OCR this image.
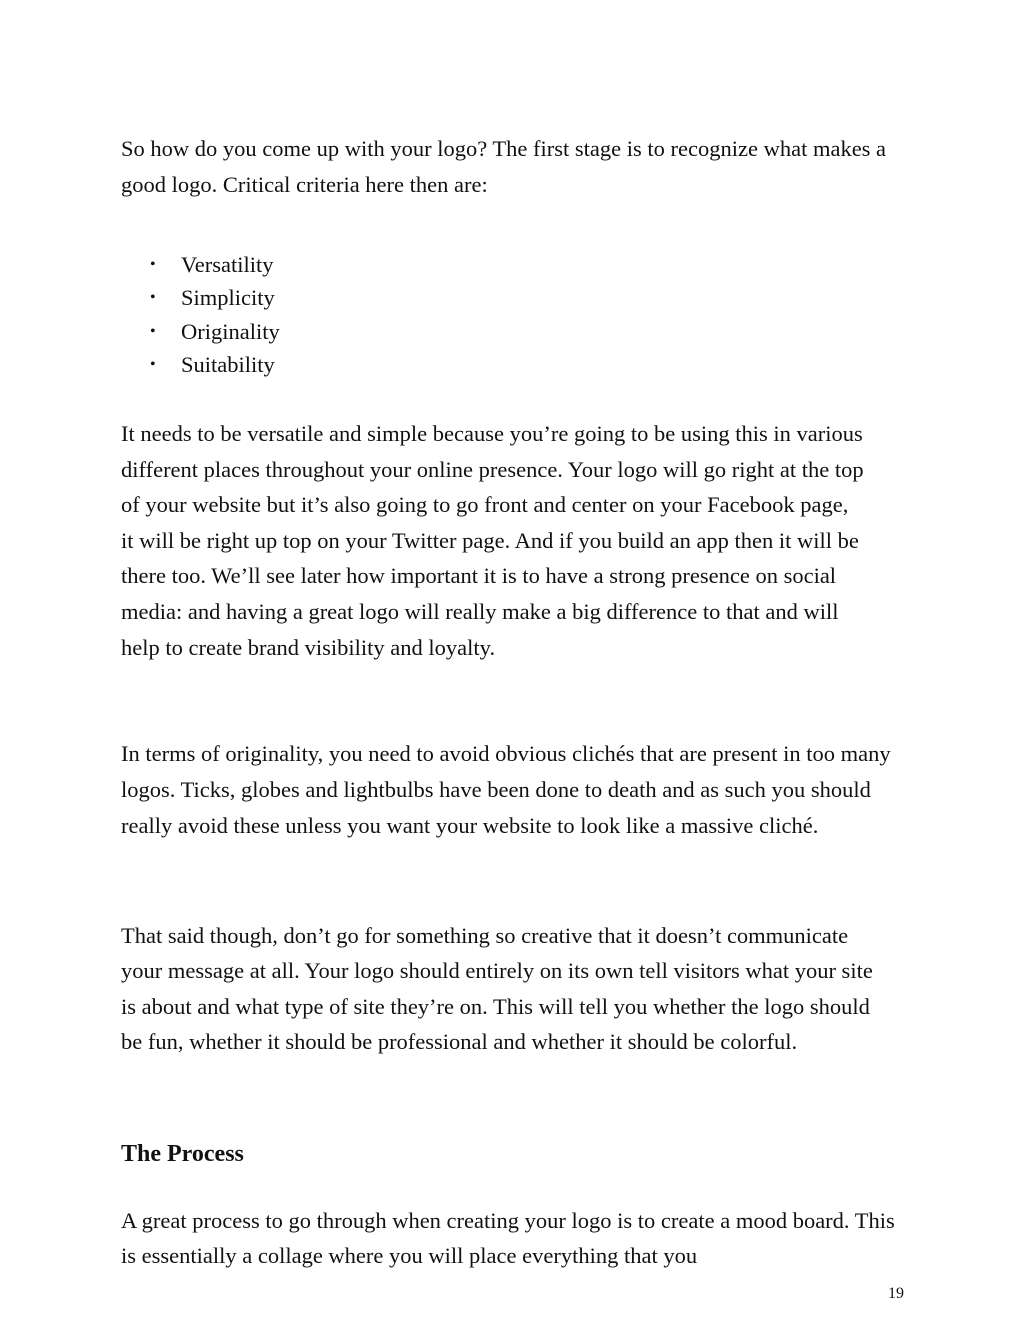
So how do you come up with your logo? The first stage is to recognize what makes a good logo. Critical criteria here then are:

• Versatility
• Simplicity
• Originality
• Suitability

It needs to be versatile and simple because you’re going to be using this in various different places throughout your online presence. Your logo will go right at the top of your website but it’s also going to go front and center on your Facebook page, it will be right up top on your Twitter page. And if you build an app then it will be there too. We’ll see later how important it is to have a strong presence on social media: and having a great logo will really make a big difference to that and will help to create brand visibility and loyalty.

In terms of originality, you need to avoid obvious clichés that are present in too many logos. Ticks, globes and lightbulbs have been done to death and as such you should really avoid these unless you want your website to look like a massive cliché.

That said though, don’t go for something so creative that it doesn’t communicate your message at all. Your logo should entirely on its own tell visitors what your site is about and what type of site they’re on. This will tell you whether the logo should be fun, whether it should be professional and whether it should be colorful.

The Process

A great process to go through when creating your logo is to create a mood board. This is essentially a collage where you will place everything that you

19
